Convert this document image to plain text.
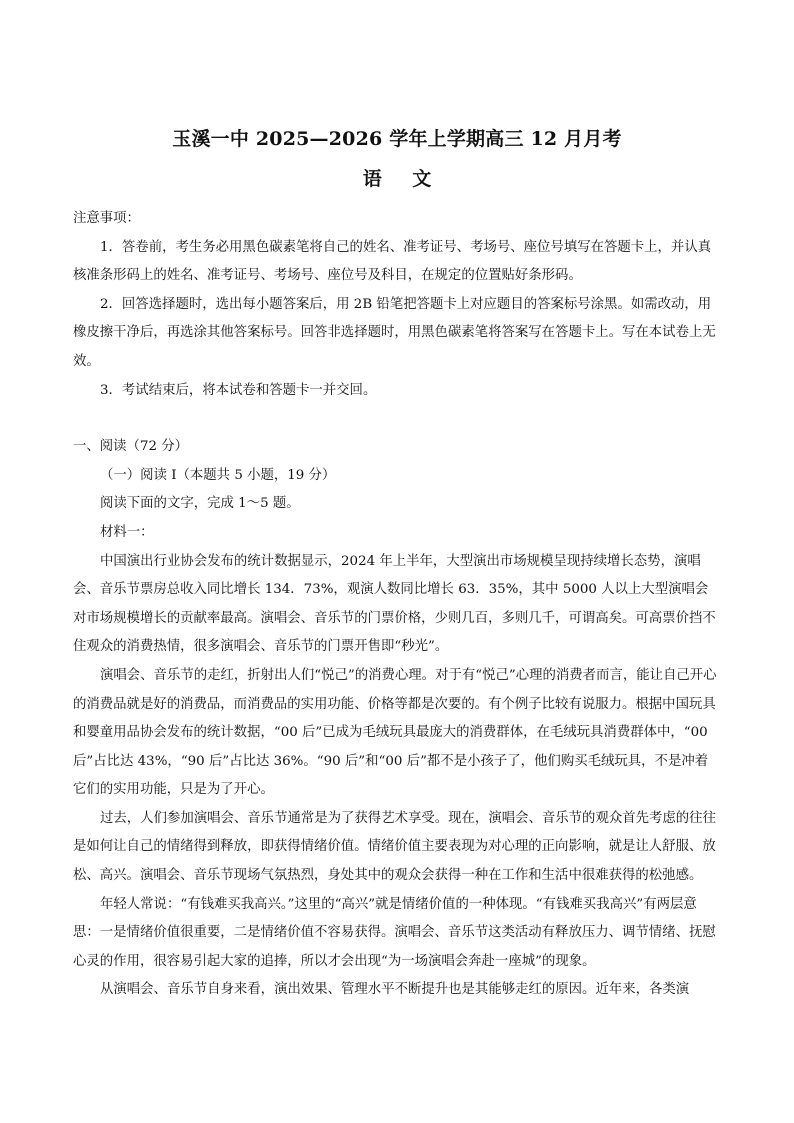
玉溪一中 2025—2026 学年上学期高三 12 月月考
语 文

注意事项：

1．答卷前，考生务必用黑色碳素笔将自己的姓名、准考证号、考场号、座位号填写在答题卡上，并认真核准条形码上的姓名、准考证号、考场号、座位号及科目，在规定的位置贴好条形码。

2．回答选择题时，选出每小题答案后，用 2B 铅笔把答题卡上对应题目的答案标号涂黑。如需改动，用橡皮擦干净后，再选涂其他答案标号。回答非选择题时，用黑色碳素笔将答案写在答题卡上。写在本试卷上无效。

3．考试结束后，将本试卷和答题卡一并交回。

一、阅读（72 分）

（一）阅读 I（本题共 5 小题，19 分）

阅读下面的文字，完成 1～5 题。

材料一：

中国演出行业协会发布的统计数据显示，2024 年上半年，大型演出市场规模呈现持续增长态势，演唱会、音乐节票房总收入同比增长 134．73%，观演人数同比增长 63．35%，其中 5000 人以上大型演唱会对市场规模增长的贡献率最高。演唱会、音乐节的门票价格，少则几百，多则几千，可谓高矣。可高票价挡不住观众的消费热情，很多演唱会、音乐节的门票开售即“秒光”。

演唱会、音乐节的走红，折射出人们“悦己”的消费心理。对于有“悦己”心理的消费者而言，能让自己开心的消费品就是好的消费品，而消费品的实用功能、价格等都是次要的。有个例子比较有说服力。根据中国玩具和婴童用品协会发布的统计数据，“00 后”已成为毛绒玩具最庞大的消费群体，在毛绒玩具消费群体中，“00 后”占比达 43%，“90 后”占比达 36%。“90 后”和“00 后”都不是小孩子了，他们购买毛绒玩具，不是冲着它们的实用功能，只是为了开心。

过去，人们参加演唱会、音乐节通常是为了获得艺术享受。现在，演唱会、音乐节的观众首先考虑的往往是如何让自己的情绪得到释放，即获得情绪价值。情绪价值主要表现为对心理的正向影响，就是让人舒服、放松、高兴。演唱会、音乐节现场气氛热烈，身处其中的观众会获得一种在工作和生活中很难获得的松弛感。

年轻人常说：“有钱难买我高兴。”这里的“高兴”就是情绪价值的一种体现。“有钱难买我高兴”有两层意思：一是情绪价值很重要，二是情绪价值不容易获得。演唱会、音乐节这类活动有释放压力、调节情绪、抚慰心灵的作用，很容易引起大家的追捧，所以才会出现“为一场演唱会奔赴一座城”的现象。

从演唱会、音乐节自身来看，演出效果、管理水平不断提升也是其能够走红的原因。近年来，各类演
